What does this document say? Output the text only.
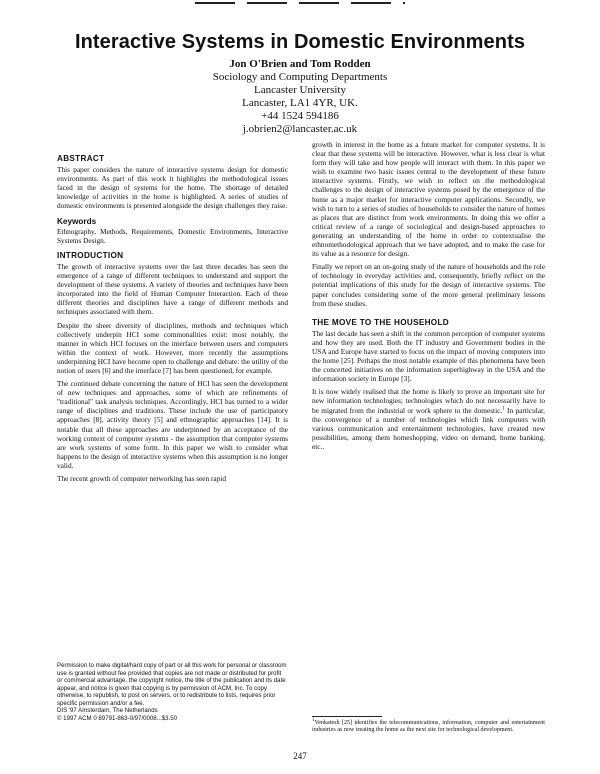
Interactive Systems in Domestic Environments
Jon O'Brien and Tom Rodden
Sociology and Computing Departments
Lancaster University
Lancaster, LA1 4YR, UK.
+44 1524 594186
j.obrien2@lancaster.ac.uk
ABSTRACT

This paper considers the nature of interactive systems design for domestic environments. As part of this work it highlights the methodological issues faced in the design of systems for the home. The shortage of detailed knowledge of activities in the home is highlighted. A series of studies of domestic environments is presented alongside the design challenges they raise.

Keywords

Ethnography, Methods, Requirements, Domestic Environments, Interactive Systems Design.

INTRODUCTION

The growth of interactive systems over the last three decades has seen the emergence of a range of different techniques to understand and support the development of these systems. A variety of theories and techniques have been incorporated into the field of Human Computer Interaction. Each of these different theories and disciplines have a range of different methods and techniques associated with them.

Despite the sheer diversity of disciplines, methods and techniques which collectively underpin HCI some commonalities exist: most notably, the manner in which HCI focuses on the interface between users and computers within the context of work. However, more recently the assumptions underpinning HCI have become open to challenge and debate: the utility of the notion of users [6] and the interface [7] has been questioned, for example.

The continued debate concerning the nature of HCI has seen the development of new techniques and approaches, some of which are refinements of "traditional" task analysis techniques. Accordingly, HCI has turned to a wider range of disciplines and traditions. These include the use of participatory approaches [8], activity theory [5] and ethnographic approaches [14]. It is notable that all these approaches are underpinned by an acceptance of the working context of computer systems - the assumption that computer systems are work systems of some form. In this paper we wish to consider what happens to the design of interactive systems when this assumption is no longer valid.

The recent growth of computer networking has seen rapid

Permission to make digital/hard copy of part or all this work for personal or classroom use is granted without fee provided that copies are not made or distributed for profit or commercial advantage, the copyright notice, the title of the publication and its date appear, and notice is given that copying is by permission of ACM, Inc. To copy otherwise, to republish, to post on servers, or to redistribute to lists, requires prior specific permission and/or a fee.

DIS '97 Amsterdam, The Netherlands

© 1997 ACM 0 89791-863-0/97/0008...$3.50

growth in interest in the home as a future market for computer systems. It is clear that these systems will be interactive. However, what is less clear is what form they will take and how people will interact with them. In this paper we wish to examine two basic issues central to the development of these future interactive systems. Firstly, we wish to reflect on the methodological challenges to the design of interactive systems posed by the emergence of the home as a major market for interactive computer applications. Secondly, we wish to turn to a series of studies of households to consider the nature of homes as places that are distinct from work environments. In doing this we offer a critical review of a range of sociological and design-based approaches to generating an understanding of the home in order to contextualise the ethnomethodological approach that we have adopted, and to make the case for its value as a resource for design.

Finally we report on an on-going study of the nature of households and the role of technology in everyday activities and, consequently, briefly reflect on the potential implications of this study for the design of interactive systems. The paper concludes considering some of the more general preliminary lessons from these studies.

THE MOVE TO THE HOUSEHOLD

The last decade has seen a shift in the common perception of computer systems and how they are used. Both the IT industry and Government bodies in the USA and Europe have started to focus on the impact of moving computers into the home [25]. Perhaps the most notable example of this phenomena have been the concerted initiatives on the information superhighway in the USA and the information society in Europe [3].

It is now widely realised that the home is likely to prove an important site for new information technologies; technologies which do not necessarily have to be migrated from the industrial or work sphere to the domestic.$^1$ In particular, the convergence of a number of technologies which link computers with various communication and entertainment technologies, have created new possibilities, among them homeshopping, video on demand, home banking, etc..

$^1$Venkatesh [25] identifies the telecommunications, information, computer and entertainment industries as now treating the home as the next site for technological development.

247
